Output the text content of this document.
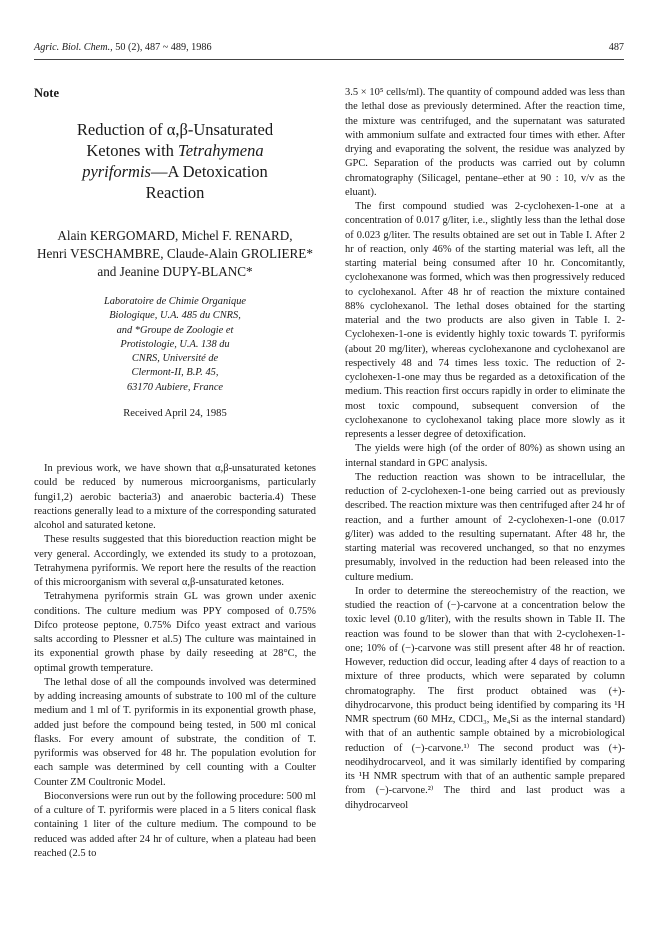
Agric. Biol. Chem., 50 (2), 487 ~ 489, 1986	487
Note
Reduction of α,β-Unsaturated
Ketones with Tetrahymena
pyriformis—A Detoxication
Reaction
Alain KERGOMARD, Michel F. RENARD,
Henri VESCHAMBRE, Claude-Alain GROLIERE*
and Jeanine DUPY-BLANC*
Laboratoire de Chimie Organique
Biologique, U.A. 485 du CNRS,
and *Groupe de Zoologie et
Protistologie, U.A. 138 du
CNRS, Université de
Clermont-II, B.P. 45,
63170 Aubiere, France
Received April 24, 1985

In previous work, we have shown that α,β-unsaturated ketones could be reduced by numerous microorganisms, particularly fungi1,2) aerobic bacteria3) and anaerobic bacteria.4) These reactions generally lead to a mixture of the corresponding saturated alcohol and saturated ketone.

These results suggested that this bioreduction reaction might be very general. Accordingly, we extended its study to a protozoan, Tetrahymena pyriformis. We report here the results of the reaction of this microorganism with several α,β-unsaturated ketones.

Tetrahymena pyriformis strain GL was grown under axenic conditions. The culture medium was PPY composed of 0.75% Difco proteose peptone, 0.75% Difco yeast extract and various salts according to Plessner et al.5) The culture was maintained in its exponential growth phase by daily reseeding at 28°C, the optimal growth temperature.

The lethal dose of all the compounds involved was determined by adding increasing amounts of substrate to 100 ml of the culture medium and 1 ml of T. pyriformis in its exponential growth phase, added just before the compound being tested, in 500 ml conical flasks. For every amount of substrate, the condition of T. pyriformis was observed for 48 hr. The population evolution for each sample was determined by cell counting with a Coulter Counter ZM Coultronic Model.

Bioconversions were run out by the following procedure: 500 ml of a culture of T. pyriformis were placed in a 5 liters conical flask containing 1 liter of the culture medium. The compound to be reduced was added after 24 hr of culture, when a plateau had been reached (2.5 to

3.5 × 10⁵ cells/ml). The quantity of compound added was less than the lethal dose as previously determined. After the reaction time, the mixture was centrifuged, and the supernatant was saturated with ammonium sulfate and extracted four times with ether. After drying and evaporating the solvent, the residue was analyzed by GPC. Separation of the products was carried out by column chromatography (Silicagel, pentane–ether at 90 : 10, v/v as the eluant).

The first compound studied was 2-cyclohexen-1-one at a concentration of 0.017 g/liter, i.e., slightly less than the lethal dose of 0.023 g/liter. The results obtained are set out in Table I. After 2 hr of reaction, only 46% of the starting material was left, all the starting material being consumed after 10 hr. Concomitantly, cyclohexanone was formed, which was then progressively reduced to cyclohexanol. After 48 hr of reaction the mixture contained 88% cyclohexanol. The lethal doses obtained for the starting material and the two products are also given in Table I. 2-Cyclohexen-1-one is evidently highly toxic towards T. pyriformis (about 20 mg/liter), whereas cyclohexanone and cyclohexanol are respectively 48 and 74 times less toxic. The reduction of 2-cyclohexen-1-one may thus be regarded as a detoxification of the medium. This reaction first occurs rapidly in order to eliminate the most toxic compound, subsequent conversion of the cyclohexanone to cyclohexanol taking place more slowly as it represents a lesser degree of detoxification.

The yields were high (of the order of 80%) as shown using an internal standard in GPC analysis.

The reduction reaction was shown to be intracellular, the reduction of 2-cyclohexen-1-one being carried out as previously described. The reaction mixture was then centrifuged after 24 hr of reaction, and a further amount of 2-cyclohexen-1-one (0.017 g/liter) was added to the resulting supernatant. After 48 hr, the starting material was recovered unchanged, so that no enzymes presumably, involved in the reduction had been released into the culture medium.

In order to determine the stereochemistry of the reaction, we studied the reaction of (−)-carvone at a concentration below the toxic level (0.10 g/liter), with the results shown in Table II. The reaction was found to be slower than that with 2-cyclohexen-1-one; 10% of (−)-carvone was still present after 48 hr of reaction. However, reduction did occur, leading after 4 days of reaction to a mixture of three products, which were separated by column chromatography. The first product obtained was (+)-dihydrocarvone, this product being identified by comparing its ¹H NMR spectrum (60 MHz, CDCl₃, Me₄Si as the internal standard) with that of an authentic sample obtained by a microbiological reduction of (−)-carvone.¹⁾ The second product was (+)-neodihydrocarveol, and it was similarly identified by comparing its ¹H NMR spectrum with that of an authentic sample prepared from (−)-carvone.²⁾ The third and last product was a dihydrocarveol
